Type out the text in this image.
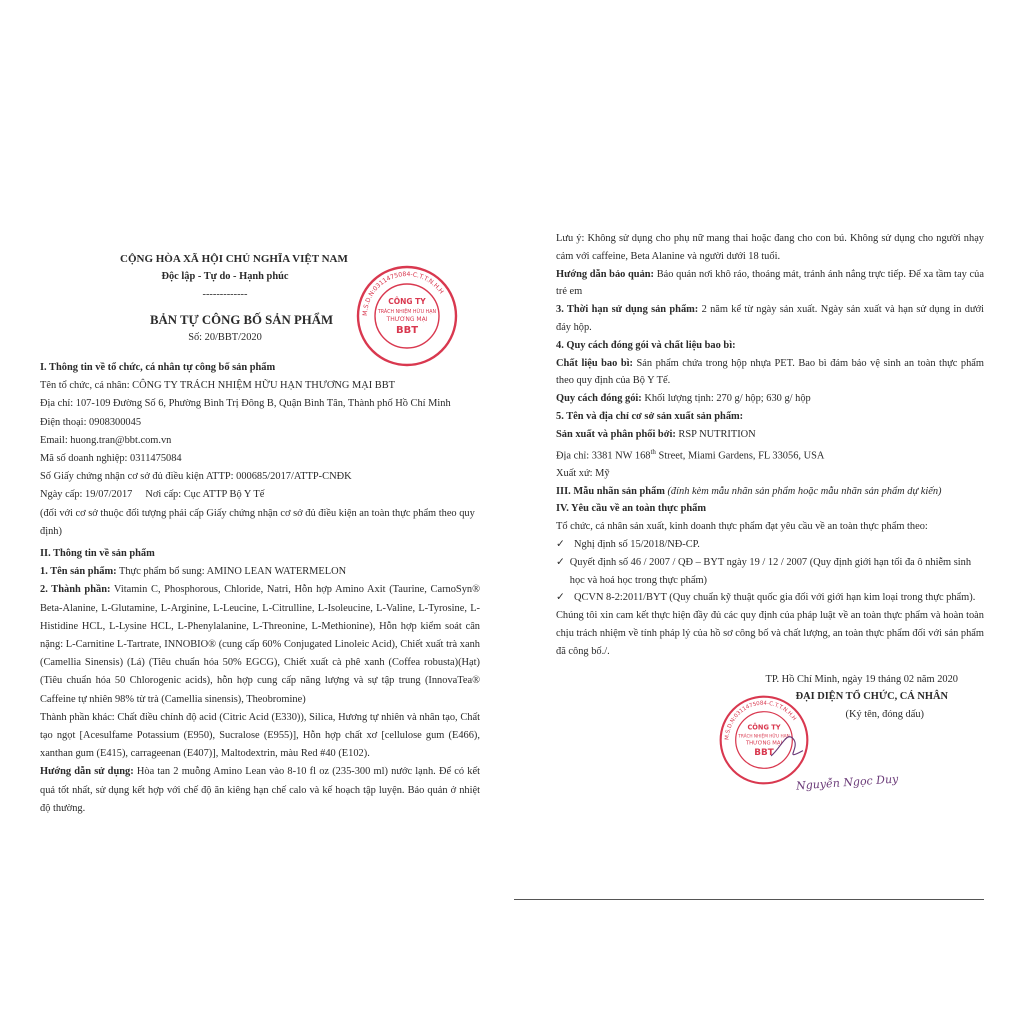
CỘNG HÒA XÃ HỘI CHỦ NGHĨA VIỆT NAM
Độc lập - Tự do - Hạnh phúc
-------------
BẢN TỰ CÔNG BỐ SẢN PHẨM
Số: 20/BBT/2020
I. Thông tin về tổ chức, cá nhân tự công bố sản phẩm

Tên tổ chức, cá nhân: CÔNG TY TRÁCH NHIỆM HỮU HẠN THƯƠNG MẠI BBT

Địa chỉ: 107-109 Đường Số 6, Phường Bình Trị Đông B, Quận Bình Tân, Thành phố Hồ Chí Minh

Điện thoại: 0908300045

Email: huong.tran@bbt.com.vn

Mã số doanh nghiệp: 0311475084

Số Giấy chứng nhận cơ sở đủ điều kiện ATTP: 000685/2017/ATTP-CNĐK

Ngày cấp: 19/07/2017 Nơi cấp: Cục ATTP Bộ Y Tế

(đối với cơ sở thuộc đối tượng phải cấp Giấy chứng nhận cơ sở đủ điều kiện an toàn thực phẩm theo quy định)

II. Thông tin về sản phẩm

1. Tên sản phẩm: Thực phẩm bổ sung: AMINO LEAN WATERMELON

2. Thành phần: Vitamin C, Phosphorous, Chloride, Natri, Hỗn hợp Amino Axit (Taurine, CarnoSyn® Beta-Alanine, L-Glutamine, L-Arginine, L-Leucine, L-Citrulline, L-Isoleucine, L-Valine, L-Tyrosine, L-Histidine HCL, L-Lysine HCL, L-Phenylalanine, L-Threonine, L-Methionine), Hỗn hợp kiểm soát cân nặng: L-Carnitine L-Tartrate, INNOBIO® (cung cấp 60% Conjugated Linoleic Acid), Chiết xuất trà xanh (Camellia Sinensis) (Lá) (Tiêu chuẩn hóa 50% EGCG), Chiết xuất cà phê xanh (Coffea robusta)(Hạt) (Tiêu chuẩn hóa 50 Chlorogenic acids), hỗn hợp cung cấp năng lượng và sự tập trung (InnovaTea® Caffeine tự nhiên 98% từ trà (Camellia sinensis), Theobromine)

Thành phần khác: Chất điều chỉnh độ acid (Citric Acid (E330)), Silica, Hương tự nhiên và nhân tạo, Chất tạo ngọt [Acesulfame Potassium (E950), Sucralose (E955)], Hỗn hợp chất xơ [cellulose gum (E466), xanthan gum (E415), carrageenan (E407)], Maltodextrin, màu Red #40 (E102).

Hướng dẫn sử dụng: Hòa tan 2 muỗng Amino Lean vào 8-10 fl oz (235-300 ml) nước lạnh. Để có kết quả tốt nhất, sử dụng kết hợp với chế độ ăn kiêng hạn chế calo và kế hoạch tập luyện. Bảo quản ở nhiệt độ thường.

M.S.D.N:0311475084-C.T.T.N.H.H
CÔNG TY
TRÁCH NHIỆM HỮU HẠN
THƯƠNG MẠI
BBT

Lưu ý: Không sử dụng cho phụ nữ mang thai hoặc đang cho con bú. Không sử dụng cho người nhạy cảm với caffeine, Beta Alanine và người dưới 18 tuổi.

Hướng dẫn bảo quản: Bảo quản nơi khô ráo, thoáng mát, tránh ánh nắng trực tiếp. Để xa tầm tay của trẻ em

3. Thời hạn sử dụng sản phẩm: 2 năm kể từ ngày sản xuất. Ngày sản xuất và hạn sử dụng in dưới đáy hộp.

4. Quy cách đóng gói và chất liệu bao bì:

Chất liệu bao bì: Sản phẩm chứa trong hộp nhựa PET. Bao bì đảm bảo vệ sinh an toàn thực phẩm theo quy định của Bộ Y Tế.

Quy cách đóng gói: Khối lượng tịnh: 270 g/ hộp; 630 g/ hộp

5. Tên và địa chỉ cơ sở sản xuất sản phẩm:

Sản xuất và phân phối bởi: RSP NUTRITION

Địa chỉ: 3381 NW 168th Street, Miami Gardens, FL 33056, USA

Xuất xứ: Mỹ

III. Mẫu nhãn sản phẩm (đính kèm mẫu nhãn sản phẩm hoặc mẫu nhãn sản phẩm dự kiến)

IV. Yêu cầu về an toàn thực phẩm

Tổ chức, cá nhân sản xuất, kinh doanh thực phẩm đạt yêu cầu về an toàn thực phẩm theo:

✓ Nghị định số 15/2018/NĐ-CP.

✓ Quyết định số 46 / 2007 / QĐ – BYT ngày 19 / 12 / 2007 (Quy định giới hạn tối đa ô nhiễm sinh học và hoá học trong thực phẩm)

✓ QCVN 8-2:2011/BYT (Quy chuẩn kỹ thuật quốc gia đối với giới hạn kim loại trong thực phẩm).

Chúng tôi xin cam kết thực hiện đầy đủ các quy định của pháp luật về an toàn thực phẩm và hoàn toàn chịu trách nhiệm về tính pháp lý của hồ sơ công bố và chất lượng, an toàn thực phẩm đối với sản phẩm đã công bố./.

TP. Hồ Chí Minh, ngày 19 tháng 02 năm 2020
ĐẠI DIỆN TỔ CHỨC, CÁ NHÂN
(Ký tên, đóng dấu)
M.S.D.N:0311475084-C.T.T.N.H.H
CÔNG TY
TRÁCH NHIỆM HỮU HẠN
THƯƠNG MẠI
BBT
Nguyễn Ngọc Duy
